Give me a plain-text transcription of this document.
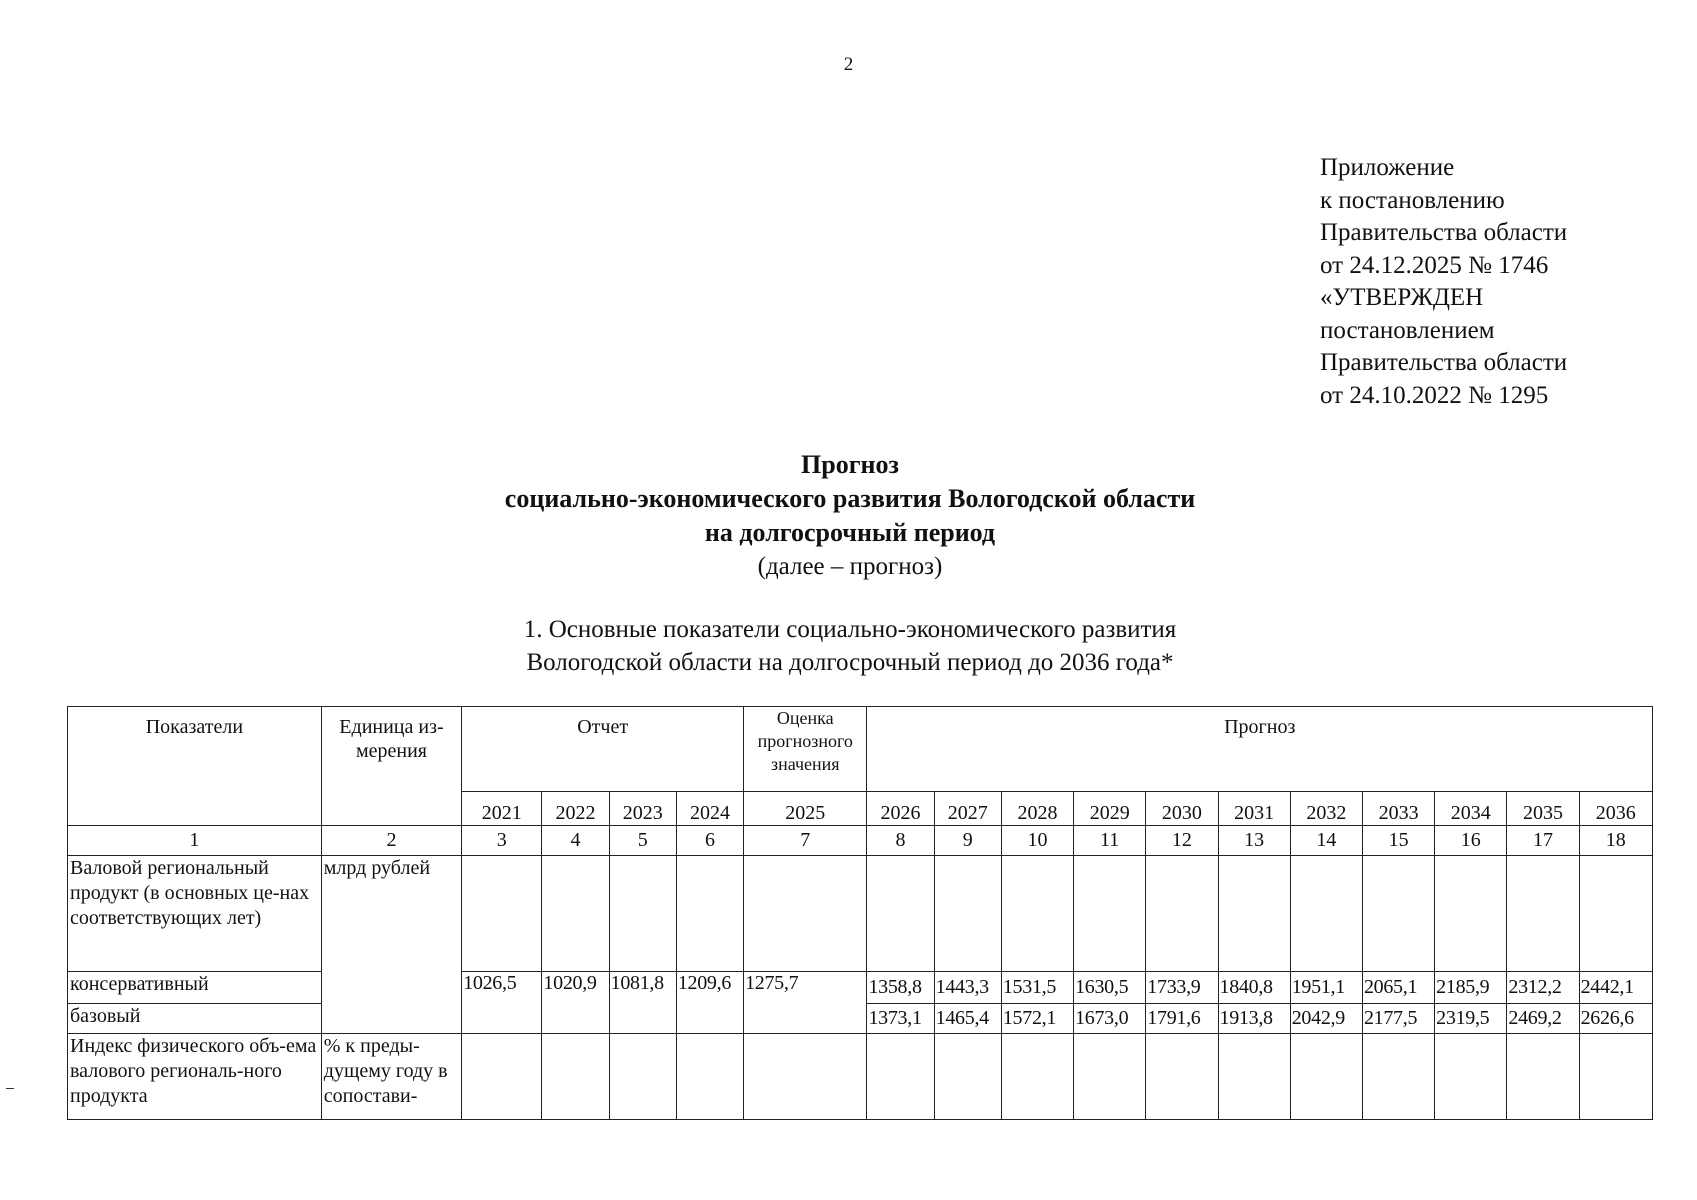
2
Приложение
к постановлению
Правительства области
от 24.12.2025 № 1746
«УТВЕРЖДЕН
постановлением
Правительства области
от 24.10.2022 № 1295
Прогноз
социально-экономического развития Вологодской области
на долгосрочный период
(далее – прогноз)
1. Основные показатели социально-экономического развития
Вологодской области на долгосрочный период до 2036 года*
Показатели	Единица из-мерения	Отчет				Оценка прогнозного значения	Прогноз										
		2021	2022	2023	2024	2025	2026	2027	2028	2029	2030	2031	2032	2033	2034	2035	2036
1	2	3	4	5	6	7	8	9	10	11	12	13	14	15	16	17	18
Валовой региональный продукт (в основных це-нах соответствующих лет)	млрд рублей																
консервативный		1026,5	1020,9	1081,8	1209,6	1275,7	1358,8	1443,3	1531,5	1630,5	1733,9	1840,8	1951,1	2065,1	2185,9	2312,2	2442,1
базовый							1373,1	1465,4	1572,1	1673,0	1791,6	1913,8	2042,9	2177,5	2319,5	2469,2	2626,6
Индекс физического объ-ема валового региональ-ного продукта	% к преды-дущему году в сопостави-																
